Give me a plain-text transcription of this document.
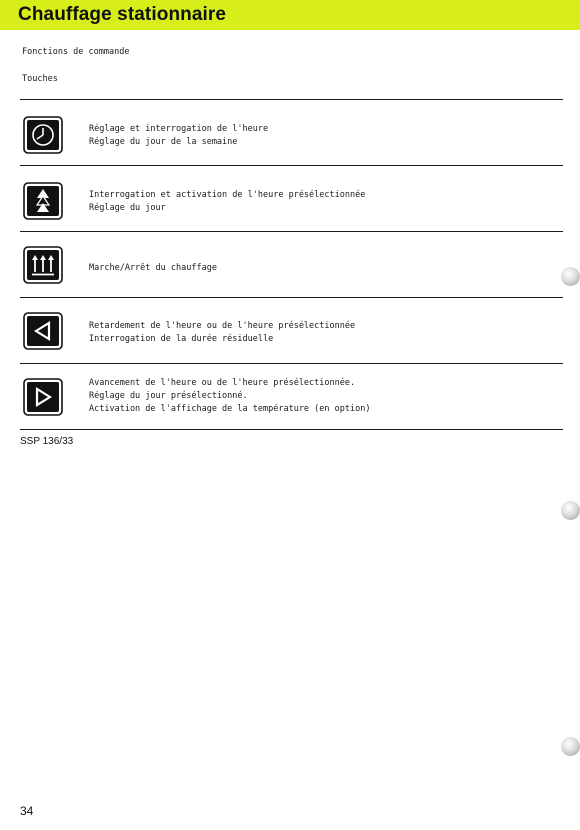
Chauffage stationnaire
Fonctions de commande
Touches
Réglage et interrogation de l'heure
Réglage du jour de la semaine
Interrogation et activation de l'heure présélectionnée
Réglage du jour
Marche/Arrêt du chauffage
Retardement de l'heure ou de l'heure présélectionnée
Interrogation de la durée résiduelle
Avancement de l'heure ou de l'heure présélectionnée.
Réglage du jour présélectionné.
Activation de l'affichage de la température (en option)
SSP 136/33
34
